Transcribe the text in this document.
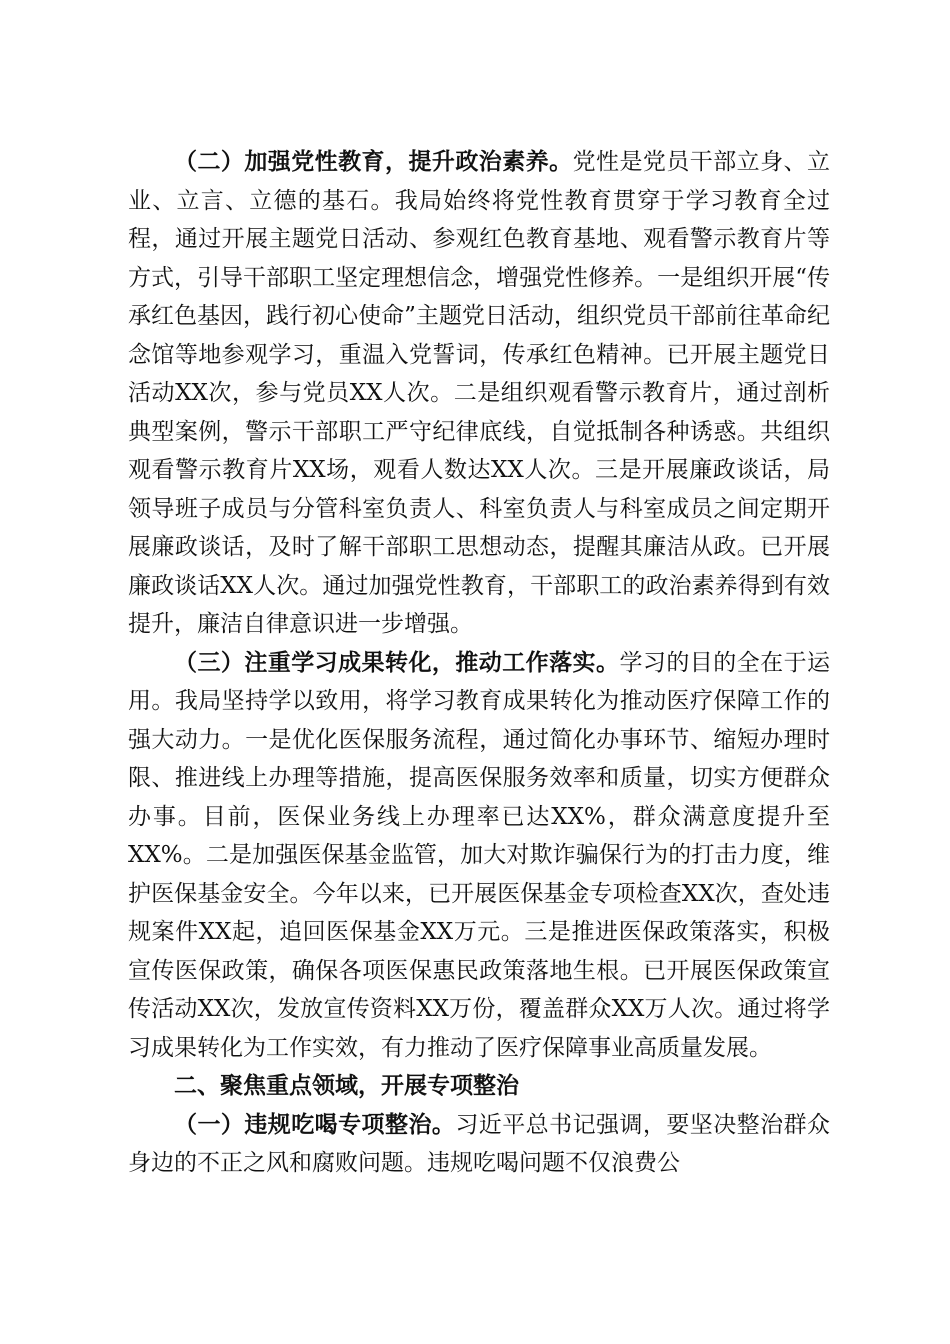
（二）加强党性教育，提升政治素养。党性是党员干部立身、立业、立言、立德的基石。我局始终将党性教育贯穿于学习教育全过程，通过开展主题党日活动、参观红色教育基地、观看警示教育片等方式，引导干部职工坚定理想信念，增强党性修养。一是组织开展“传承红色基因，践行初心使命”主题党日活动，组织党员干部前往革命纪念馆等地参观学习，重温入党誓词，传承红色精神。已开展主题党日活动XX次，参与党员XX人次。二是组织观看警示教育片，通过剖析典型案例，警示干部职工严守纪律底线，自觉抵制各种诱惑。共组织观看警示教育片XX场，观看人数达XX人次。三是开展廉政谈话，局领导班子成员与分管科室负责人、科室负责人与科室成员之间定期开展廉政谈话，及时了解干部职工思想动态，提醒其廉洁从政。已开展廉政谈话XX人次。通过加强党性教育，干部职工的政治素养得到有效提升，廉洁自律意识进一步增强。

（三）注重学习成果转化，推动工作落实。学习的目的全在于运用。我局坚持学以致用，将学习教育成果转化为推动医疗保障工作的强大动力。一是优化医保服务流程，通过简化办事环节、缩短办理时限、推进线上办理等措施，提高医保服务效率和质量，切实方便群众办事。目前，医保业务线上办理率已达XX%，群众满意度提升至XX%。二是加强医保基金监管，加大对欺诈骗保行为的打击力度，维护医保基金安全。今年以来，已开展医保基金专项检查XX次，查处违规案件XX起，追回医保基金XX万元。三是推进医保政策落实，积极宣传医保政策，确保各项医保惠民政策落地生根。已开展医保政策宣传活动XX次，发放宣传资料XX万份，覆盖群众XX万人次。通过将学习成果转化为工作实效，有力推动了医疗保障事业高质量发展。

二、聚焦重点领域，开展专项整治

（一）违规吃喝专项整治。习近平总书记强调，要坚决整治群众身边的不正之风和腐败问题。违规吃喝问题不仅浪费公
